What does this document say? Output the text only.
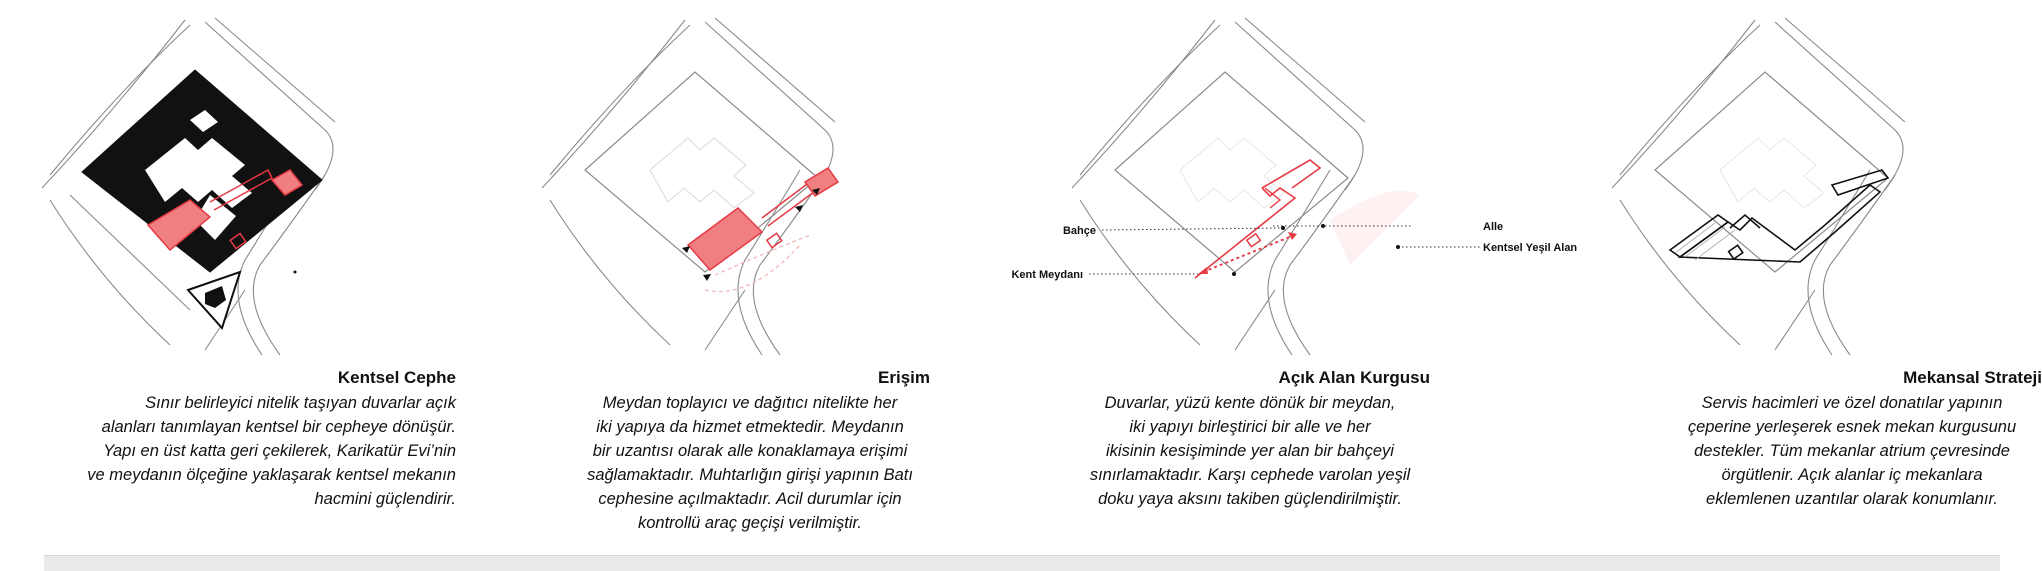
Kentsel Cephe

Sınır belirleyici nitelik taşıyan duvarlar açık
alanları tanımlayan kentsel bir cepheye dönüşür.
Yapı en üst katta geri çekilerek, Karikatür Evi’nin
ve meydanın ölçeğine yaklaşarak kentsel mekanın
hacmini güçlendirir.

Erişim

Meydan toplayıcı ve dağıtıcı nitelikte her
iki yapıya da hizmet etmektedir. Meydanın
bir uzantısı olarak alle konaklamaya erişimi
sağlamaktadır. Muhtarlığın girişi yapının Batı
cephesine açılmaktadır. Acil durumlar için
kontrollü araç geçişi verilmiştir.

Bahçe
Kent Meydanı
Alle
Kentsel Yeşil Alan
Açık Alan Kurgusu

Duvarlar, yüzü kente dönük bir meydan,
iki yapıyı birleştirici bir alle ve her
ikisinin kesişiminde yer alan bir bahçeyi
sınırlamaktadır. Karşı cephede varolan yeşil
doku yaya aksını takiben güçlendirilmiştir.

Mekansal Strateji

Servis hacimleri ve özel donatılar yapının
çeperine yerleşerek esnek mekan kurgusunu
destekler. Tüm mekanlar atrium çevresinde
örgütlenir. Açık alanlar iç mekanlara
eklemlenen uzantılar olarak konumlanır.
